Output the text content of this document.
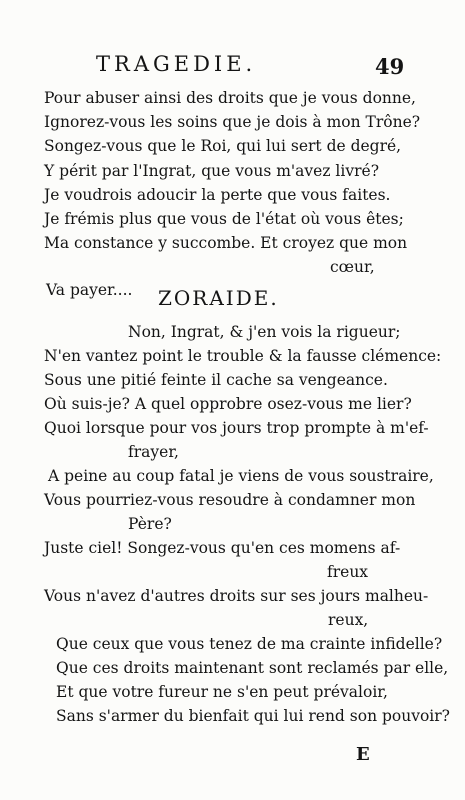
TRAGEDIE.	49
Pour abuser ainsi des droits que je vous donne,
Ignorez-vous les soins que je dois à mon Trône?
Songez-vous que le Roi, qui lui sert de degré,
Y périt par l'Ingrat, que vous m'avez livré?
Je voudrois adoucir la perte que vous faites.
Je frémis plus que vous de l'état où vous êtes;
Ma constance y succombe. Et croyez que mon
cœur,
Va payer.... ZORAIDE.
Non, Ingrat, & j'en vois la rigueur;
N'en vantez point le trouble & la fausse clémence:
Sous une pitié feinte il cache sa vengeance.
Où suis-je? A quel opprobre osez-vous me lier?
Quoi lorsque pour vos jours trop prompte à m'ef-
frayer,
A peine au coup fatal je viens de vous soustraire,
Vous pourriez-vous resoudre à condamner mon
Père?
Juste ciel! Songez-vous qu'en ces momens af-
freux
Vous n'avez d'autres droits sur ses jours malheu-
reux,
Que ceux que vous tenez de ma crainte infidelle?
Que ces droits maintenant sont reclamés par elle,
Et que votre fureur ne s'en peut prévaloir,
Sans s'armer du bienfait qui lui rend son pouvoir?
E
